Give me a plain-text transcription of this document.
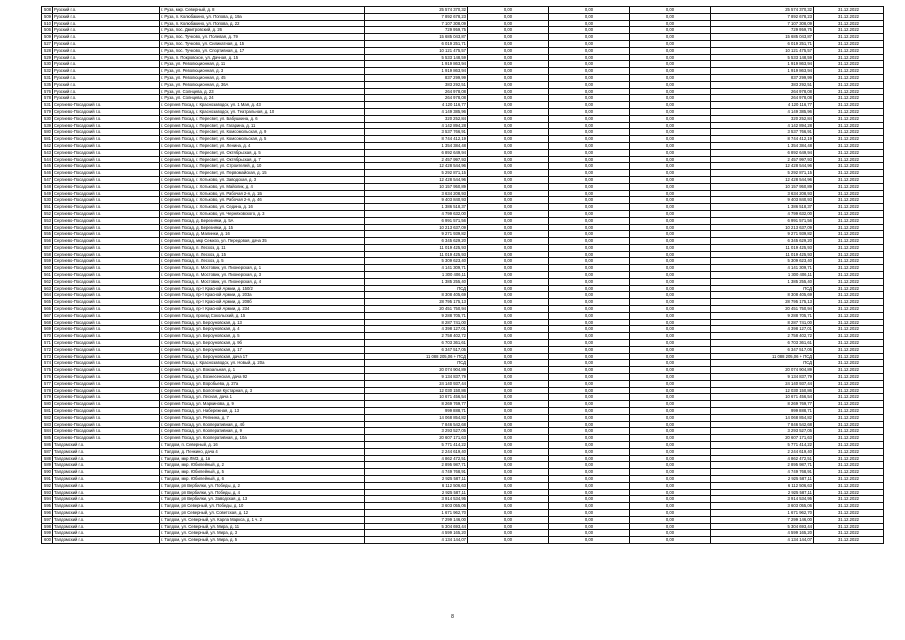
508	Рузский г.о.	г. Руза, мкр. Северный, д. 8	25 574 370,32	0,00	0,00	0,00	25 574 370,32	31.12.2022
509	Рузский г.о.	г. Руза, п. Колюбакино, ул. Попова, д. 19а	7 892 678,23	0,00	0,00	0,00	7 892 678,23	31.12.2022
510	Рузский г.о.	г. Руза, п. Колюбакино, ул. Попова, д. 22	7 107 308,09	0,00	0,00	0,00	7 107 308,09	31.12.2022
506	Рузский г.о.	г. Руза, пос. Дмитровский, д. 26	729 959,75	0,00	0,00	0,00	729 959,75	31.12.2022
509	Рузский г.о.	г. Руза, пос. Тучково, ул. Полевая, д. 79	15 685 043,87	0,00	0,00	0,00	15 685 043,87	31.12.2022
527	Рузский г.о.	г. Руза, пос. Тучково, ул. Силикатная, д. 15	6 019 251,71	0,00	0,00	0,00	6 019 251,71	31.12.2022
528	Рузский г.о.	г. Руза, пос. Тучково, ул. Спортивная, д. 17	10 121 475,57	0,00	0,00	0,00	10 121 475,57	31.12.2022
529	Рузский г.о.	г. Руза, п. Покровское, ул. Дачная, д. 15	5 533 148,59	0,00	0,00	0,00	5 533 148,59	31.12.2022
530	Рузский г.о.	г. Руза, ул. Революционная, д. 11	1 919 863,94	0,00	0,00	0,00	1 919 863,94	31.12.2022
532	Рузский г.о.	г. Руза, ул. Революционная, д. 3	1 919 863,94	0,00	0,00	0,00	1 919 863,94	31.12.2022
531	Рузский г.о.	г. Руза, ул. Революционная, д. 45	837 299,99	0,00	0,00	0,00	837 299,99	31.12.2022
535	Рузский г.о.	г. Руза, ул. Революционная, д. 36А	383 292,51	0,00	0,00	0,00	383 292,51	31.12.2022
576	Рузский г.о.	г. Руза, ул. Солнцева, д. 23	264 978,08	0,00	0,00	0,00	264 978,08	31.12.2022
578	Рузский г.о.	г. Руза, ул. Солнцева, д. 24	264 978,08	0,00	0,00	0,00	264 978,08	31.12.2022
531	Сергиево-Посадский г.о.	г. Сергиев Посад, г. Краснозаводск, ул. 1 Мая, д. 43	4 120 116,77	0,00	0,00	0,00	4 120 116,77	31.12.2022
579	Сергиево-Посадский г.о.	г. Сергиев Посад, г. Краснозаводск, ул. Театральная, д. 10	4 149 385,96	0,00	0,00	0,00	4 149 385,96	31.12.2022
530	Сергиево-Посадский г.о.	г. Сергиев Посад, г. Пересвет, ул. Бабушкина, д. 6	320 252,84	0,00	0,00	0,00	320 252,84	31.12.2022
539	Сергиево-Посадский г.о.	г. Сергиев Посад, г. Пересвет, ул. Гагарина, д. 11	4 142 894,28	0,00	0,00	0,00	4 142 894,28	31.12.2022
580	Сергиево-Посадский г.о.	г. Сергиев Посад, г. Пересвет, ул. Комсомольская, д. 9	3 537 766,91	0,00	0,00	0,00	3 537 766,91	31.12.2022
581	Сергиево-Посадский г.о.	г. Сергиев Посад, г. Пересвет, ул. Комсомольская, д. 5	8 744 412,19	0,00	0,00	0,00	8 744 412,19	31.12.2022
542	Сергиево-Посадский г.о.	г. Сергиев Посад, г. Пересвет, ул. Ленина, д. 4	1 354 384,48	0,00	0,00	0,00	1 354 384,48	31.12.2022
543	Сергиево-Посадский г.о.	г. Сергиев Посад, г. Пересвет, ул. Октябрьская, д. 5	6 892 649,94	0,00	0,00	0,00	6 892 649,94	31.12.2022
544	Сергиево-Посадский г.о.	г. Сергиев Посад, г. Пересвет, ул. Октябрьская, д. 7	2 457 997,93	0,00	0,00	0,00	2 457 997,93	31.12.2022
545	Сергиево-Посадский г.о.	г. Сергиев Посад, г. Пересвет, ул. Строителей, д. 10	12 428 544,96	0,00	0,00	0,00	12 428 544,96	31.12.2022
546	Сергиево-Посадский г.о.	г. Сергиев Посад, г. Пересвет, ул. Первомайская, д. 15	5 292 871,15	0,00	0,00	0,00	5 292 871,15	31.12.2022
547	Сергиево-Посадский г.о.	г. Сергиев Посад, г. Хотьково, ул. Заводская, д. 3	12 428 544,96	0,00	0,00	0,00	12 428 544,96	31.12.2022
548	Сергиево-Посадский г.о.	г. Сергиев Посад, г. Хотьково, ул. Майолик, д. 4	10 157 950,89	0,00	0,00	0,00	10 157 950,89	31.12.2022
549	Сергиево-Посадский г.о.	г. Сергиев Посад, г. Хотьково, ул. Рабочая 2-я, д. 1Б	3 634 208,93	0,00	0,00	0,00	3 634 208,93	31.12.2022
530	Сергиево-Посадский г.о.	г. Сергиев Посад, г. Хотьково, ул. Рабочая 2-я, д. 46	9 403 840,93	0,00	0,00	0,00	9 403 840,93	31.12.2022
551	Сергиево-Посадский г.о.	г. Сергиев Посад, г. Хотьково, ул. Седина, д. 16	1 386 518,37	0,00	0,00	0,00	1 386 518,37	31.12.2022
552	Сергиево-Посадский г.о.	г. Сергиев Посад, г. Хотьково, ул. Черняховского, д. 3	4 799 632,00	0,00	0,00	0,00	4 799 632,00	31.12.2022
553	Сергиево-Посадский г.о.	г. Сергиев Посад, д. Березняки, д. 5А	6 991 571,56	0,00	0,00	0,00	6 991 571,56	31.12.2022
554	Сергиево-Посадский г.о.	г. Сергиев Посад, д. Березняки, д. 15	10 213 637,09	0,00	0,00	0,00	10 213 637,09	31.12.2022
555	Сергиево-Посадский г.о.	г. Сергиев Посад, д. Малинки, д. 16	9 271 939,82	0,00	0,00	0,00	9 271 939,82	31.12.2022
556	Сергиево-Посадский г.о.	г. Сергиев Посад, мкр Семхоз, ул. Передовая, дача 35	6 345 629,20	0,00	0,00	0,00	6 345 629,20	31.12.2022
557	Сергиево-Посадский г.о.	г. Сергиев Посад, п. Лесхоз, д. 11	11 019 425,93	0,00	0,00	0,00	11 019 425,93	31.12.2022
558	Сергиево-Посадский г.о.	г. Сергиев Посад, п. Лесхоз, д. 15	11 019 425,93	0,00	0,00	0,00	11 019 425,93	31.12.2022
559	Сергиево-Посадский г.о.	г. Сергиев Посад, п. Лесхоз, д. 5	5 309 623,40	0,00	0,00	0,00	5 309 623,40	31.12.2022
560	Сергиево-Посадский г.о.	г. Сергиев Посад, п. Мостовик, ул. Пионерская, д. 1	4 141 309,71	0,00	0,00	0,00	4 141 309,71	31.12.2022
561	Сергиево-Посадский г.о.	г. Сергиев Посад, п. Мостовик, ул. Пионерская, д. 3	1 300 406,11	0,00	0,00	0,00	1 300 406,11	31.12.2022
562	Сергиево-Посадский г.о.	г. Сергиев Посад, п. Мостовик, ул. Пионерская, д. 4	1 385 255,40	0,00	0,00	0,00	1 385 255,40	31.12.2022
563	Сергиево-Посадский г.о.	г. Сергиев Посад, пр-т Красной Армии, д. 150/2	ПСД	0,00	0,00	0,00	ПСД	31.12.2022
564	Сергиево-Посадский г.о.	г. Сергиев Посад, пр-т Красной Армии, д. 203а	8 308 405,69	0,00	0,00	0,00	8 308 405,69	31.12.2022
565	Сергиево-Посадский г.о.	г. Сергиев Посад, пр-т Красной Армии, д. 208б	28 795 175,13	0,00	0,00	0,00	28 795 175,13	31.12.2022
566	Сергиево-Посадский г.о.	г. Сергиев Посад, пр-т Красной Армии, д. 234	20 451 750,94	0,00	0,00	0,00	20 451 750,94	31.12.2022
567	Сергиево-Посадский г.о.	г. Сергиев Посад, проезд Сокольский, д. 15	9 288 705,71	0,00	0,00	0,00	9 288 705,71	31.12.2022
568	Сергиево-Посадский г.о.	г. Сергиев Посад, ул. Бероуновская, д. 13	8 287 741,00	0,00	0,00	0,00	8 287 741,00	31.12.2022
569	Сергиево-Посадский г.о.	г. Сергиев Посад, ул. Бероуновская, д. 4	4 398 127,01	0,00	0,00	0,00	4 398 127,01	31.12.2022
570	Сергиево-Посадский г.о.	г. Сергиев Посад, ул. Бероуновская, д. 5	2 758 402,72	0,00	0,00	0,00	2 758 402,72	31.12.2022
571	Сергиево-Посадский г.о.	г. Сергиев Посад, ул. Бероуновская, д. 9б	6 703 361,61	0,00	0,00	0,00	6 703 361,61	31.12.2022
572	Сергиево-Посадский г.о.	г. Сергиев Посад, ул. Бероуновская, д. 17	6 347 517,05	0,00	0,00	0,00	6 347 517,05	31.12.2022
573	Сергиево-Посадский г.о.	г. Сергиев Посад, ул. Бероуновская, дача 17	11 088 205,06 + ПСД	0,00	0,00	0,00	11 088 205,06 + ПСД	31.12.2022
574	Сергиево-Посадский г.о.	г. Сергиев Посад, г. Краснозаводск, ул. Новый, д. 20а	ПСД	0,00	0,00	0,00	ПСД	31.12.2022
575	Сергиево-Посадский г.о.	г. Сергиев Посад, ул. Вокзальная, д. 1	20 074 904,89	0,00	0,00	0,00	20 074 904,89	31.12.2022
576	Сергиево-Посадский г.о.	г. Сергиев Посад, ул. Вознесенская, дача 92	9 134 837,79	0,00	0,00	0,00	9 134 837,79	31.12.2022
577	Сергиево-Посадский г.о.	г. Сергиев Посад, ул. Воробьева, д. 27а	24 140 937,44	0,00	0,00	0,00	24 140 937,44	31.12.2022
578	Сергиево-Посадский г.о.	г. Сергиев Посад, ул. Болотная Кустарная, д. 3	12 030 150,86	0,00	0,00	0,00	12 030 150,86	31.12.2022
579	Сергиево-Посадский г.о.	г. Сергиев Посад, ул. Лесная, дача 1	10 671 456,54	0,00	0,00	0,00	10 671 456,54	31.12.2022
580	Сергиево-Посадский г.о.	г. Сергиев Посад, ул. Маркинова, д. 9	8 269 769,77	0,00	0,00	0,00	8 269 769,77	31.12.2022
581	Сергиево-Посадский г.о.	г. Сергиев Посад, ул. Набережная, д. 13	999 888,71	0,00	0,00	0,00	999 888,71	31.12.2022
582	Сергиево-Посадский г.о.	г. Сергиев Посад, ул. Репнина, д. 7	14 068 854,82	0,00	0,00	0,00	14 068 854,82	31.12.2022
583	Сергиево-Посадский г.о.	г. Сергиев Посад, ул. Кооперативная, д. 4б	7 846 542,68	0,00	0,00	0,00	7 846 542,68	31.12.2022
584	Сергиево-Посадский г.о.	г. Сергиев Посад, ул. Кооперативная, д. 9	3 293 527,05	0,00	0,00	0,00	3 293 527,05	31.12.2022
585	Сергиево-Посадский г.о.	г. Сергиев Посад, ул. Кооперативная, д. 10а	20 607 171,63	0,00	0,00	0,00	20 607 171,63	31.12.2022
586	Талдомский г.о.	г. Талдом, п. Северный, д. 16	5 771 414,22	0,00	0,00	0,00	5 771 414,22	31.12.2022
587	Талдомский г.о.	г. Талдом, д. Пенкино, дача 4	2 244 619,40	0,00	0,00	0,00	2 244 619,40	31.12.2022
588	Талдомский г.о.	г. Талдом, мкр ЛМЗ, д. 1в	4 862 472,51	0,00	0,00	0,00	4 862 472,51	31.12.2022
589	Талдомский г.о.	г. Талдом, мкр. Юбилейный, д. 2	2 895 987,71	0,00	0,00	0,00	2 895 987,71	31.12.2022
590	Талдомский г.о.	г. Талдом, мкр. Юбилейный, д. 5	4 749 768,91	0,00	0,00	0,00	4 749 768,91	31.12.2022
591	Талдомский г.о.	г. Талдом, мкр. Юбилейный, д. 6	2 925 587,11	0,00	0,00	0,00	2 925 587,11	31.12.2022
592	Талдомский г.о.	г. Талдом, рп Вербилки, ул. Победы, д. 2	6 112 506,63	0,00	0,00	0,00	6 112 506,63	31.12.2022
593	Талдомский г.о.	г. Талдом, рп Вербилки, ул. Победы, д. 4	2 925 587,11	0,00	0,00	0,00	2 925 587,11	31.12.2022
594	Талдомский г.о.	г. Талдом, рп Вербилки, ул. Заводская, д. 13	3 914 534,95	0,00	0,00	0,00	3 914 534,95	31.12.2022
595	Талдомский г.о.	г. Талдом, рп Северный, ул. Победы, д. 10	3 603 055,06	0,00	0,00	0,00	3 603 055,06	31.12.2022
596	Талдомский г.о.	г. Талдом, рп Северный, ул. Советская, д. 12	1 671 962,70	0,00	0,00	0,00	1 671 962,70	31.12.2022
597	Талдомский г.о.	г. Талдом, ул. Северный, ул. Карла Маркса, д. 1 ч. 2	7 299 146,00	0,00	0,00	0,00	7 299 146,00	31.12.2022
598	Талдомский г.о.	г. Талдом, ул. Северный, ул. Мира, д. 11	5 304 693,44	0,00	0,00	0,00	5 304 693,44	31.12.2022
599	Талдомский г.о.	г. Талдом, ул. Северный, ул. Мира, д. 3	4 599 165,20	0,00	0,00	0,00	4 599 165,20	31.12.2022
600	Талдомский г.о.	г. Талдом, ул. Северный, ул. Мира, д. 5	4 134 144,07	0,00	0,00	0,00	4 134 144,07	31.12.2022
8
